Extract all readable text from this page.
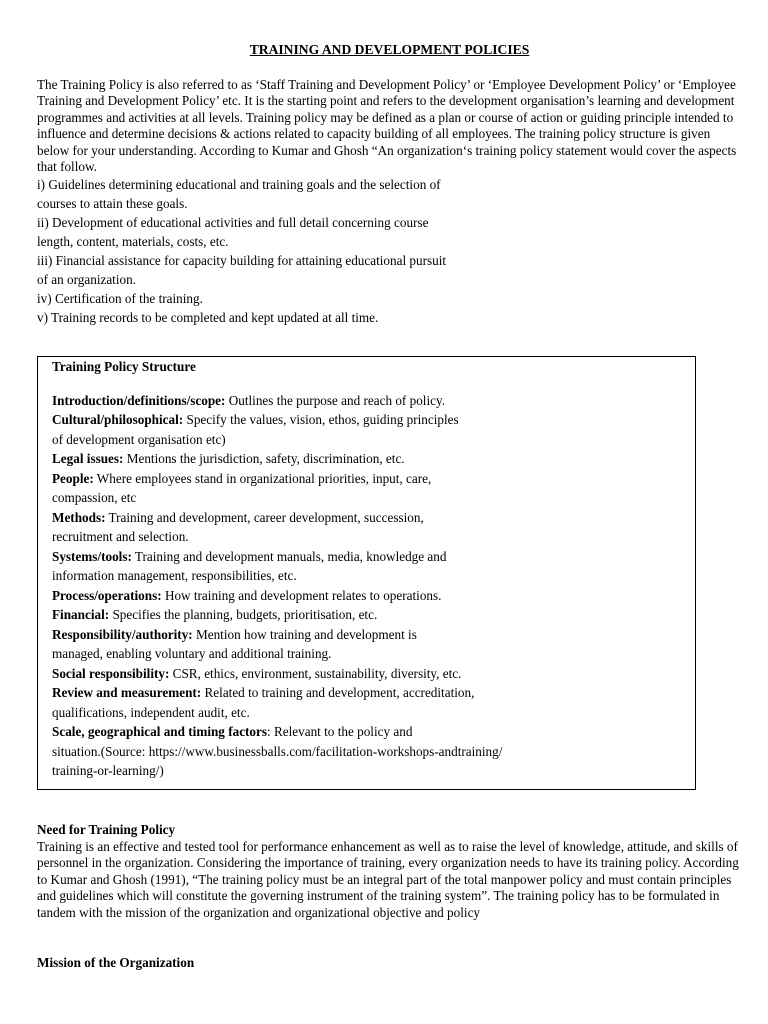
TRAINING AND DEVELOPMENT POLICIES

The Training Policy is also referred to as ‘Staff Training and Development Policy’ or ‘Employee Development Policy’ or ‘Employee Training and Development Policy’ etc. It is the starting point and refers to the development organisation’s learning and development programmes and activities at all levels. Training policy may be defined as a plan or course of action or guiding principle intended to influence and determine decisions & actions related to capacity building of all employees. The training policy structure is given below for your understanding. According to Kumar and Ghosh “An organization‘s training policy statement would cover the aspects that follow.

i) Guidelines determining educational and training goals and the selection of
courses to attain these goals.
ii) Development of educational activities and full detail concerning course
length, content, materials, costs, etc.
iii) Financial assistance for capacity building for attaining educational pursuit
of an organization.
iv) Certification of the training.
v) Training records to be completed and kept updated at all time.
Training Policy Structure
Introduction/definitions/scope: Outlines the purpose and reach of policy.
Cultural/philosophical: Specify the values, vision, ethos, guiding principles
of development organisation etc)
Legal issues: Mentions the jurisdiction, safety, discrimination, etc.
People: Where employees stand in organizational priorities, input, care,
compassion, etc
Methods: Training and development, career development, succession,
recruitment and selection.
Systems/tools: Training and development manuals, media, knowledge and
information management, responsibilities, etc.
Process/operations: How training and development relates to operations.
Financial: Specifies the planning, budgets, prioritisation, etc.
Responsibility/authority: Mention how training and development is
managed, enabling voluntary and additional training.
Social responsibility: CSR, ethics, environment, sustainability, diversity, etc.
Review and measurement: Related to training and development, accreditation,
qualifications, independent audit, etc.
Scale, geographical and timing factors: Relevant to the policy and
situation.(Source: https://www.businessballs.com/facilitation-workshops-andtraining/
training-or-learning/)
Need for Training Policy

Training is an effective and tested tool for performance enhancement as well as to raise the level of knowledge, attitude, and skills of personnel in the organization. Considering the importance of training, every organization needs to have its training policy. According to Kumar and Ghosh (1991), “The training policy must be an integral part of the total manpower policy and must contain principles and guidelines which will constitute the governing instrument of the training system”. The training policy has to be formulated in tandem with the mission of the organization and organizational objective and policy

Mission of the Organization
